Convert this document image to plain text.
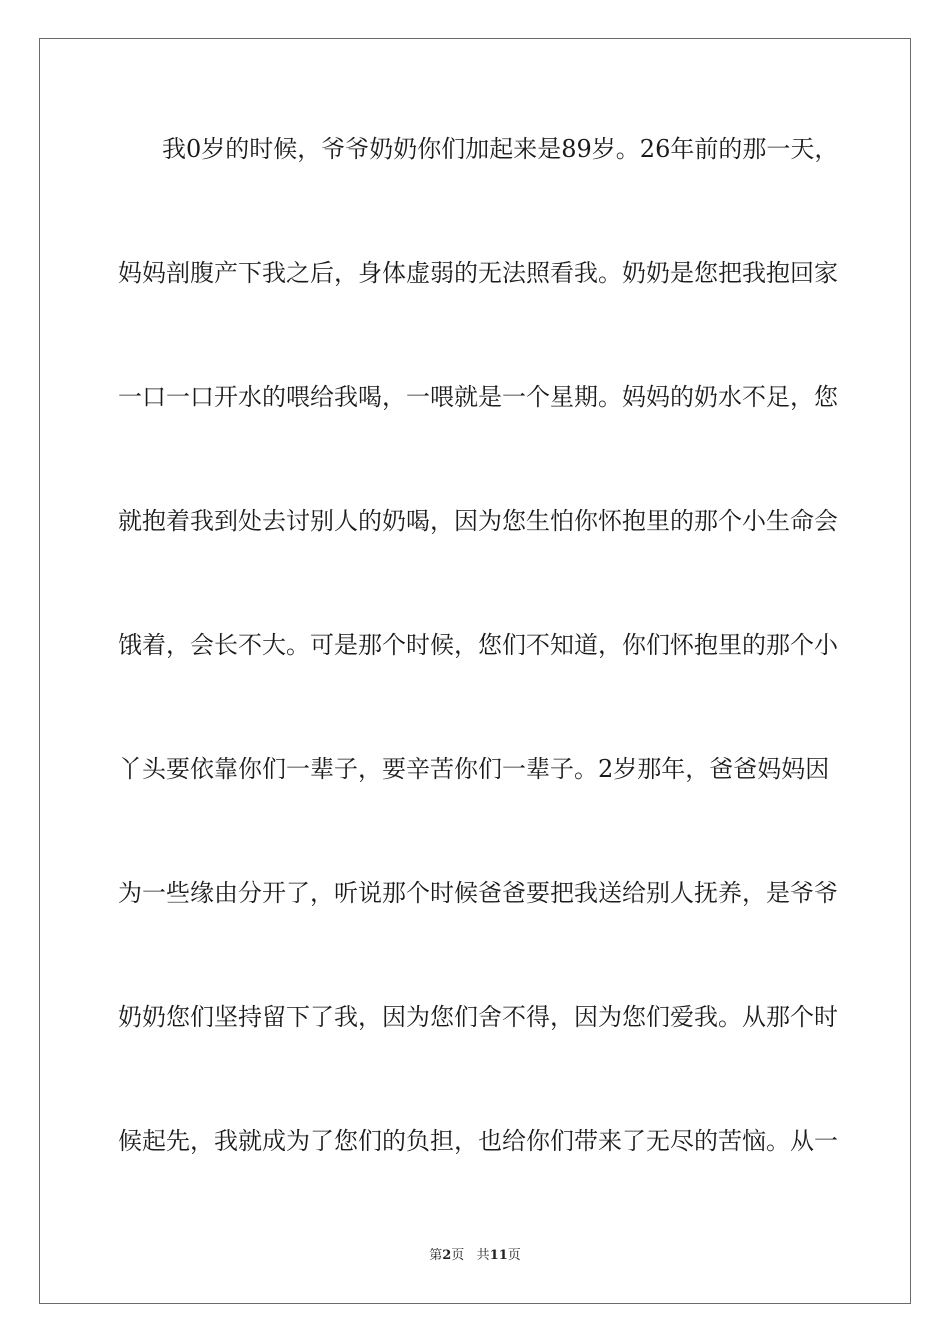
我0岁的时候，爷爷奶奶你们加起来是89岁。26年前的那一天，
妈妈剖腹产下我之后，身体虚弱的无法照看我。奶奶是您把我抱回家
一口一口开水的喂给我喝，一喂就是一个星期。妈妈的奶水不足，您
就抱着我到处去讨别人的奶喝，因为您生怕你怀抱里的那个小生命会
饿着，会长不大。可是那个时候，您们不知道，你们怀抱里的那个小
丫头要依靠你们一辈子，要辛苦你们一辈子。2岁那年，爸爸妈妈因
为一些缘由分开了，听说那个时候爸爸要把我送给别人抚养，是爷爷
奶奶您们坚持留下了我，因为您们舍不得，因为您们爱我。从那个时
候起先，我就成为了您们的负担，也给你们带来了无尽的苦恼。从一
第2页 共11页
